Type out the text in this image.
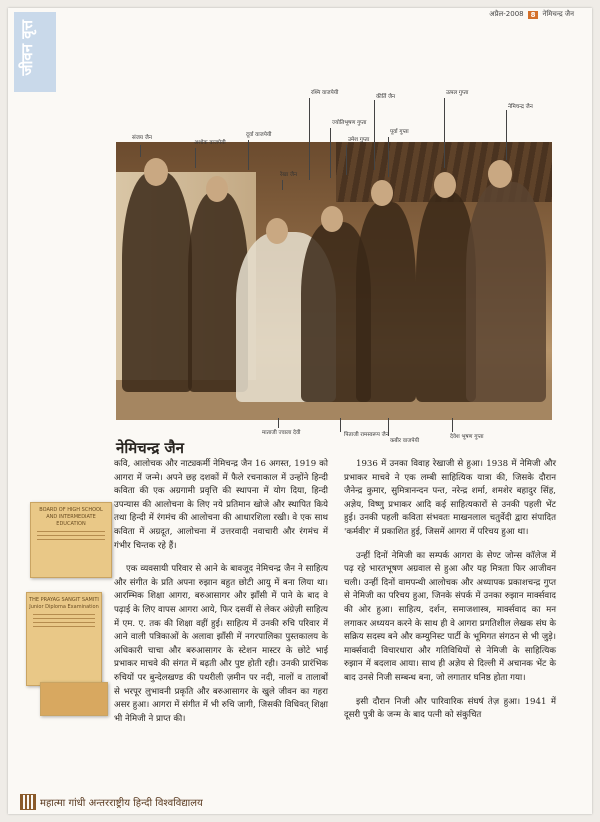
जीवन वृत्त
अप्रैल-2008	8	नेमिचन्द्र जैन
संजय जैन
अशोक वाजपेयी
दूर्वा वाजपेयी
रेखा जैन
रश्मि वाजपेयी
ज्योतिभूषण गुप्ता
उमेश गुप्ता
कीर्ति जैन
पूर्वा गुप्ता
उत्पल गुप्ता
नेमिचन्द्र जैन
माताजी ज्वाला देवी	पिताजी रामस्वरूप जैन
कबीर वाजपेयी
देवेश भूषण गुप्ता
नेमिचन्द्र जैन
BOARD OF HIGH SCHOOL
AND INTERMEDIATE
EDUCATION
THE PRAYAG SANGIT SAMITI
Junior Diploma Examination

कवि, आलोचक और नाट्यकर्मी नेमिचन्द्र जैन 16 अगस्त, 1919 को आगरा में जन्मे। अपने छह दशकों में फैले रचनाकाल में उन्होंने हिन्दी कविता की एक अग्रगामी प्रवृत्ति की स्थापना में योग दिया, हिन्दी उपन्यास की आलोचना के लिए नये प्रतिमान खोजे और स्थापित किये तथा हिन्दी में रंगमंच की आलोचना की आधारशिला रखी। वे एक साथ कविता में अग्रदूत, आलोचना में उत्तरवादी नवाचारी और रंगमंच में गंभीर चिन्तक रहे हैं।

एक व्यवसायी परिवार से आने के बावजूद नेमिचन्द्र जैन ने साहित्य और संगीत के प्रति अपना रुझान बहुत छोटी आयु में बना लिया था। आरम्भिक शिक्षा आगरा, बरुआसागर और झाँसी में पाने के बाद वे पढ़ाई के लिए वापस आगरा आये, फिर दसवीं से लेकर अंग्रेज़ी साहित्य में एम. ए. तक की शिक्षा वहीं हुई। साहित्य में उनकी रुचि परिवार में आने वाली पत्रिकाओं के अलावा झाँसी में नगरपालिका पुस्तकालय के अधिकारी चाचा और बरुआसागर के स्टेशन मास्टर के छोटे भाई प्रभाकर माचवे की संगत में बढ़ती और पुष्ट होती रही। उनकी प्रारंभिक रुचियों पर बुन्देलखण्ड की पथरीली ज़मीन पर नदी, नालों व तालाबों से भरपूर लुभावनी प्रकृति और बरुआसागर के खुले जीवन का गहरा असर हुआ। आगरा में संगीत में भी रुचि जागी, जिसकी विधिवत् शिक्षा भी नेमिजी ने प्राप्त की।

1936 में उनका विवाह रेखाजी से हुआ। 1938 में नेमिजी और प्रभाकर माचवे ने एक लम्बी साहित्यिक यात्रा की, जिसके दौरान जैनेन्द्र कुमार, सुमित्रानन्दन पन्त, नरेन्द्र शर्मा, शमशेर बहादुर सिंह, अज्ञेय, विष्णु प्रभाकर आदि कई साहित्यकारों से उनकी पहली भेंट हुई। उनकी पहली कविता संभवतः माखनलाल चतुर्वेदी द्वारा संपादित 'कर्मवीर' में प्रकाशित हुई, जिसमें आगरा में परिचय हुआ था।

उन्हीं दिनों नेमिजी का सम्पर्क आगरा के सेण्ट जोन्स कॉलेज में पढ़ रहे भारतभूषण अग्रवाल से हुआ और यह मित्रता फिर आजीवन चली। उन्हीं दिनों वामपन्थी आलोचक और अध्यापक प्रकाशचन्द्र गुप्त से नेमिजी का परिचय हुआ, जिनके संपर्क में उनका रुझान मार्क्सवाद की ओर हुआ। साहित्य, दर्शन, समाजशास्त्र, मार्क्सवाद का मन लगाकर अध्ययन करने के साथ ही वे आगरा प्रगतिशील लेखक संघ के सक्रिय सदस्य बने और कम्युनिस्ट पार्टी के भूमिगत संगठन से भी जुड़े। मार्क्सवादी विचारधारा और गतिविधियों से नेमिजी के साहित्यिक रुझान में बदलाव आया। साथ ही अज्ञेय से दिल्ली में अचानक भेंट के बाद उनसे निजी सम्बन्ध बना, जो लगातार घनिष्ठ होता गया।

इसी दौरान निजी और पारिवारिक संघर्ष तेज़ हुआ। 1941 में दूसरी पुत्री के जन्म के बाद पत्नी को संकुचित

महात्मा गांधी अन्तरराष्ट्रीय हिन्दी विश्वविद्यालय
